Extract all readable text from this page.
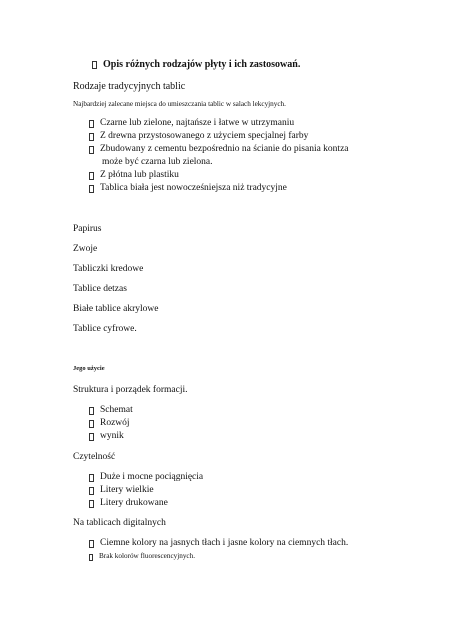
Opis różnych rodzajów płyty i ich zastosowań.
Rodzaje tradycyjnych tablic
Najbardziej zalecane miejsca do umieszczania tablic w salach lekcyjnych.
Czarne lub zielone, najtańsze i łatwe w utrzymaniu
Z drewna przystosowanego z użyciem specjalnej farby
Zbudowany z cementu bezpośrednio na ścianie do pisania kontza
może być czarna lub zielona.
Z płótna lub plastiku
Tablica biała jest nowocześniejsza niż tradycyjne
Papirus
Zwoje
Tabliczki kredowe
Tablice detzas
Białe tablice akrylowe
Tablice cyfrowe.
Jego użycie
Struktura i porządek formacji.
Schemat
Rozwój
wynik
Czytelność
Duże i mocne pociągnięcia
Litery wielkie
Litery drukowane
Na tablicach digitalnych
Ciemne kolory na jasnych tłach i jasne kolory na ciemnych tłach.
Brak kolorów fluorescencyjnych.
